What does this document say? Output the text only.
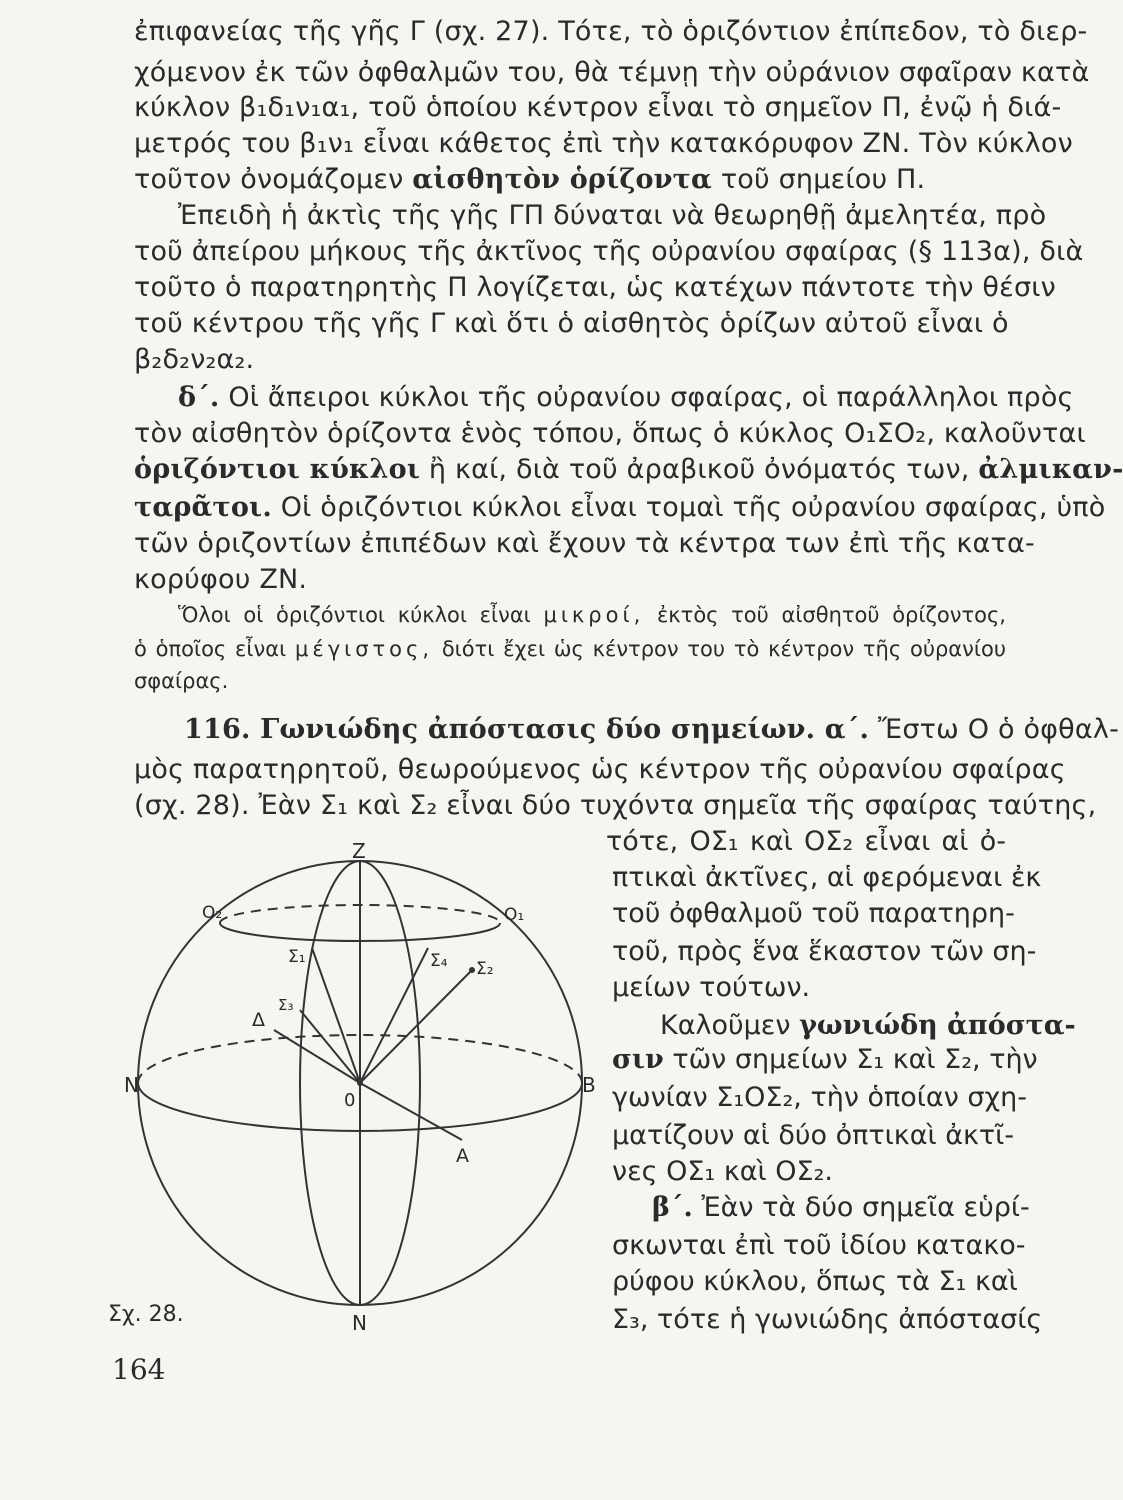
ἐπιφανείας τῆς γῆς Γ (σχ. 27). Τότε, τὸ ὁριζόντιον ἐπίπεδον, τὸ διερ-
χόμενον ἐκ τῶν ὀφθαλμῶν του, θὰ τέμνῃ τὴν οὐράνιον σφαῖραν κατὰ
κύκλον β₁δ₁ν₁α₁, τοῦ ὁποίου κέντρον εἶναι τὸ σημεῖον Π, ἐνῷ ἡ διά-
μετρός του β₁ν₁ εἶναι κάθετος ἐπὶ τὴν κατακόρυφον ΖΝ. Τὸν κύκλον
τοῦτον ὀνομάζομεν αἰσθητὸν ὁρίζοντα τοῦ σημείου Π.
Ἐπειδὴ ἡ ἀκτὶς τῆς γῆς ΓΠ δύναται νὰ θεωρηθῇ ἀμελητέα, πρὸ
τοῦ ἀπείρου μήκους τῆς ἀκτῖνος τῆς οὐρανίου σφαίρας (§ 113α), διὰ
τοῦτο ὁ παρατηρητὴς Π λογίζεται, ὡς κατέχων πάντοτε τὴν θέσιν
τοῦ κέντρου τῆς γῆς Γ καὶ ὅτι ὁ αἰσθητὸς ὁρίζων αὐτοῦ εἶναι ὁ
β₂δ₂ν₂α₂.
δ΄. Οἱ ἄπειροι κύκλοι τῆς οὐρανίου σφαίρας, οἱ παράλληλοι πρὸς
τὸν αἰσθητὸν ὁρίζοντα ἑνὸς τόπου, ὅπως ὁ κύκλος Ο₁ΣΟ₂, καλοῦνται
ὁριζόντιοι κύκλοι ἢ καί, διὰ τοῦ ἀραβικοῦ ὀνόματός των, ἀλμικαν-
ταρᾶτοι. Οἱ ὁριζόντιοι κύκλοι εἶναι τομαὶ τῆς οὐρανίου σφαίρας, ὑπὸ
τῶν ὁριζοντίων ἐπιπέδων καὶ ἔχουν τὰ κέντρα των ἐπὶ τῆς κατα-
κορύφου ΖΝ.
Ὅλοι οἱ ὁριζόντιοι κύκλοι εἶναι μικροί, ἐκτὸς τοῦ αἰσθητοῦ ὁρίζοντος,
ὁ ὁποῖος εἶναι μέγιστος, διότι ἔχει ὡς κέντρον του τὸ κέντρον τῆς οὐρανίου
σφαίρας.
116. Γωνιώδης ἀπόστασις δύο σημείων. α΄. Ἔστω Ο ὁ ὀφθαλ-
μὸς παρατηρητοῦ, θεωρούμενος ὡς κέντρον τῆς οὐρανίου σφαίρας
(σχ. 28). Ἐὰν Σ₁ καὶ Σ₂ εἶναι δύο τυχόντα σημεῖα τῆς σφαίρας ταύτης,
τότε, ΟΣ₁ καὶ ΟΣ₂ εἶναι αἱ ὀ-
πτικαὶ ἀκτῖνες, αἱ φερόμεναι ἐκ
τοῦ ὀφθαλμοῦ τοῦ παρατηρη-
τοῦ, πρὸς ἕνα ἕκαστον τῶν ση-
μείων τούτων.
Καλοῦμεν γωνιώδη ἀπόστα-
σιν τῶν σημείων Σ₁ καὶ Σ₂, τὴν
γωνίαν Σ₁ΟΣ₂, τὴν ὁποίαν σχη-
ματίζουν αἱ δύο ὀπτικαὶ ἀκτῖ-
νες ΟΣ₁ καὶ ΟΣ₂.
β΄. Ἐὰν τὰ δύο σημεῖα εὑρί-
σκωνται ἐπὶ τοῦ ἰδίου κατακο-
ρύφου κύκλου, ὅπως τὰ Σ₁ καὶ
Σ₃, τότε ἡ γωνιώδης ἀπόστασίς
Z
N
N	B
0
O₂	O₁
Σ₁	Σ₄ Σ₂
Σ₃
Δ
A
Σχ. 28.
164
